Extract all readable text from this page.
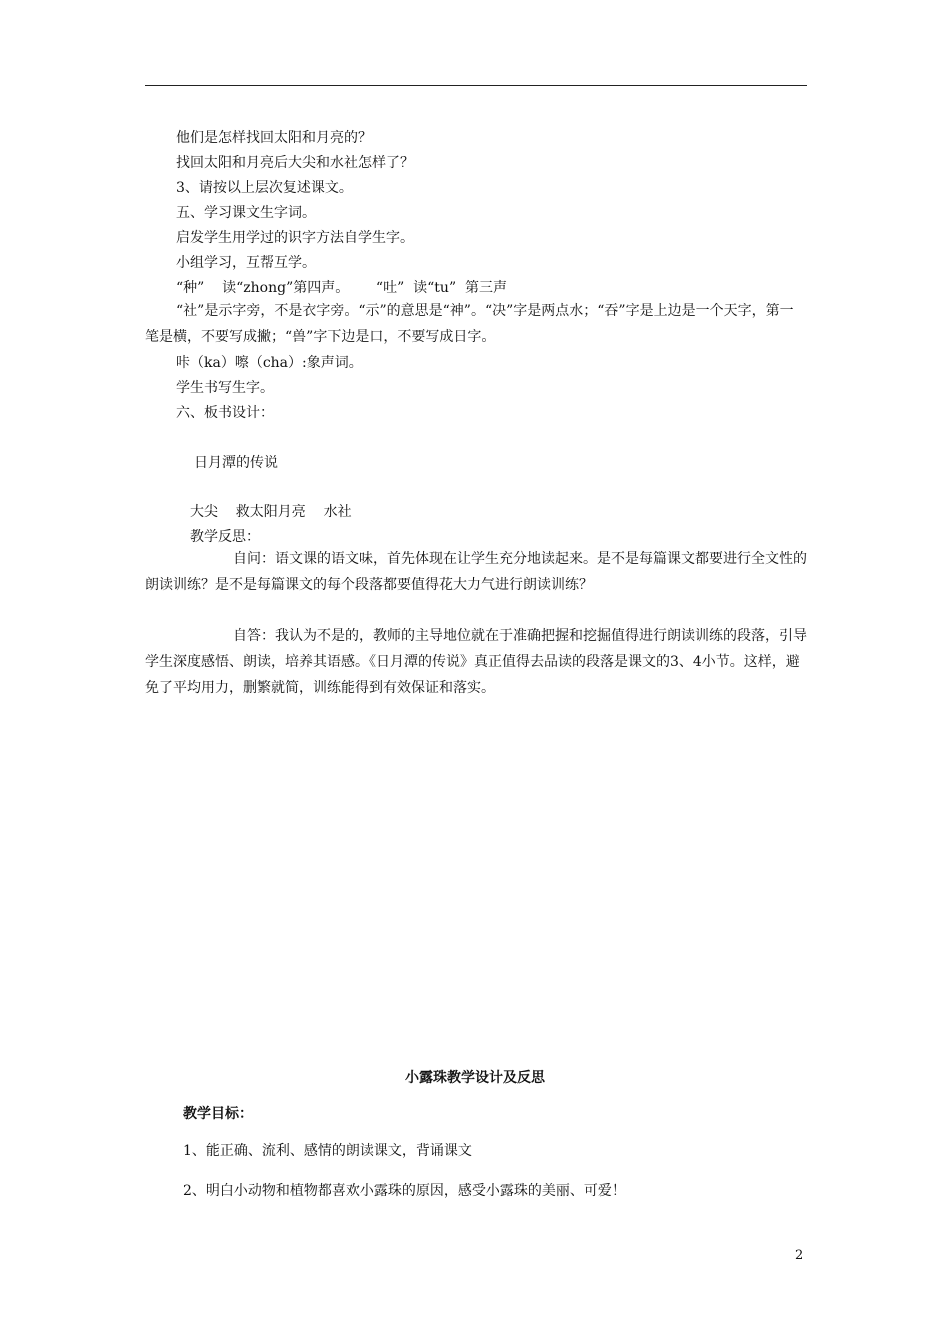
他们是怎样找回太阳和月亮的？
找回太阳和月亮后大尖和水社怎样了？
3、请按以上层次复述课文。
五、学习课文生字词。
启发学生用学过的识字方法自学生字。
小组学习，互帮互学。
“种”    读“zhong”第四声。      “吐”  读“tu”  第三声
“社”是示字旁，不是衣字旁。“示”的意思是“神”。“决”字是两点水；“吞”字是上边是一个天字，第一笔是横，不要写成撇；“兽”字下边是口，不要写成日字。
咔（ka）嚓（cha）:象声词。
学生书写生字。
六、板书设计：
日月潭的传说
大尖    救太阳月亮    水社
教学反思：
自问：语文课的语文味，首先体现在让学生充分地读起来。是不是每篇课文都要进行全文性的朗读训练？是不是每篇课文的每个段落都要值得花大力气进行朗读训练？
自答：我认为不是的，教师的主导地位就在于准确把握和挖掘值得进行朗读训练的段落，引导学生深度感悟、朗读，培养其语感。《日月潭的传说》真正值得去品读的段落是课文的3、4小节。这样，避免了平均用力，删繁就简，训练能得到有效保证和落实。
小露珠教学设计及反思
教学目标：
1、能正确、流利、感情的朗读课文，背诵课文
2、明白小动物和植物都喜欢小露珠的原因，感受小露珠的美丽、可爱！
2
